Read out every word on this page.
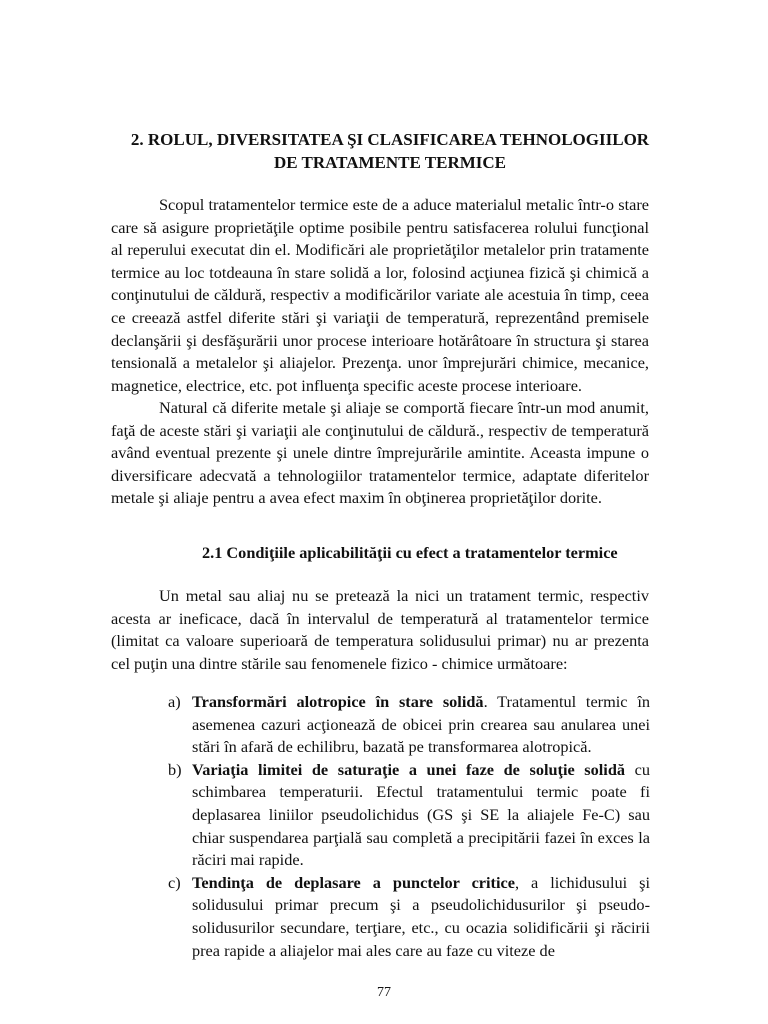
2. ROLUL, DIVERSITATEA ŞI CLASIFICAREA TEHNOLOGIILOR
DE TRATAMENTE TERMICE

Scopul tratamentelor termice este de a aduce materialul metalic într-o stare care să asigure proprietăţile optime posibile pentru satisfacerea rolului funcţional al reperului executat din el. Modificări ale proprietăţilor metalelor prin tratamente termice au loc totdeauna în stare solidă a lor, folosind acţiunea fizică şi chimică a conţinutului de căldură, respectiv a modificărilor variate ale acestuia în timp, ceea ce creează astfel diferite stări şi variaţii de temperatură, reprezentând premisele declanşării şi desfăşurării unor procese interioare hotărâtoare în structura şi starea tensională a metalelor şi aliajelor. Prezenţa. unor împrejurări chimice, mecanice, magnetice, electrice, etc. pot influenţa specific aceste procese interioare.

Natural că diferite metale şi aliaje se comportă fiecare într-un mod anumit, faţă de aceste stări şi variaţii ale conţinutului de căldură., respectiv de temperatură având eventual prezente şi unele dintre împrejurările amintite. Aceasta impune o diversificare adecvată a tehnologiilor tratamentelor termice, adaptate diferitelor metale şi aliaje pentru a avea efect maxim în obţinerea proprietăţilor dorite.

2.1 Condiţiile aplicabilităţii cu efect a tratamentelor termice

Un metal sau aliaj nu se pretează la nici un tratament termic, respectiv acesta ar ineficace, dacă în intervalul de temperatură al tratamentelor termice (limitat ca valoare superioară de temperatura solidusului primar) nu ar prezenta cel puţin una dintre stările sau fenomenele fizico - chimice următoare:

a) Transformări alotropice în stare solidă. Tratamentul termic în asemenea cazuri acţionează de obicei prin crearea sau anularea unei stări în afară de echilibru, bazată pe transformarea alotropică.
b) Variaţia limitei de saturaţie a unei faze de soluţie solidă cu schimbarea temperaturii. Efectul tratamentului termic poate fi deplasarea liniilor pseudolichidus (GS şi SE la aliajele Fe-C) sau chiar suspendarea parţială sau completă a precipitării fazei în exces la răciri mai rapide.
c) Tendinţa de deplasare a punctelor critice, a lichidusului şi solidusului primar precum şi a pseudolichidusurilor şi pseudo-solidusurilor secundare, terţiare, etc., cu ocazia solidificării şi răcirii prea rapide a aliajelor mai ales care au faze cu viteze de
77
